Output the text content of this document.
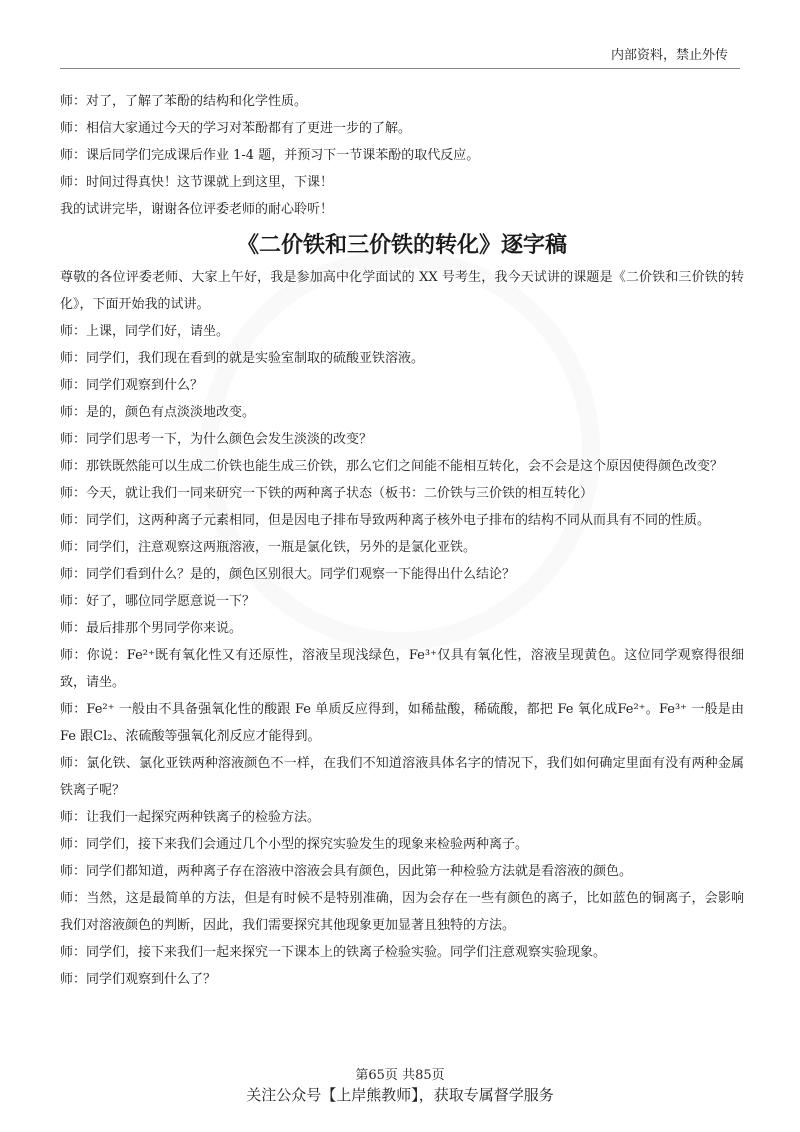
内部资料，禁止外传

师：对了，了解了苯酚的结构和化学性质。

师：相信大家通过今天的学习对苯酚都有了更进一步的了解。

师：课后同学们完成课后作业 1-4 题，并预习下一节课苯酚的取代反应。

师：时间过得真快！这节课就上到这里，下课！

我的试讲完毕，谢谢各位评委老师的耐心聆听！

《二价铁和三价铁的转化》逐字稿

尊敬的各位评委老师、大家上午好，我是参加高中化学面试的 XX 号考生，我今天试讲的课题是《二价铁和三价铁的转化》，下面开始我的试讲。

师：上课，同学们好，请坐。

师：同学们，我们现在看到的就是实验室制取的硫酸亚铁溶液。

师：同学们观察到什么？

师：是的，颜色有点淡淡地改变。

师：同学们思考一下，为什么颜色会发生淡淡的改变？

师：那铁既然能可以生成二价铁也能生成三价铁，那么它们之间能不能相互转化，会不会是这个原因使得颜色改变？

师：今天，就让我们一同来研究一下铁的两种离子状态（板书：二价铁与三价铁的相互转化）

师：同学们，这两种离子元素相同，但是因电子排布导致两种离子核外电子排布的结构不同从而具有不同的性质。

师：同学们，注意观察这两瓶溶液，一瓶是氯化铁，另外的是氯化亚铁。

师：同学们看到什么？是的，颜色区别很大。同学们观察一下能得出什么结论？

师：好了，哪位同学愿意说一下？

师：最后排那个男同学你来说。

师：你说：Fe²⁺既有氧化性又有还原性，溶液呈现浅绿色，Fe³⁺仅具有氧化性，溶液呈现黄色。这位同学观察得很细致，请坐。

师：Fe²⁺ 一般由不具备强氧化性的酸跟 Fe 单质反应得到，如稀盐酸，稀硫酸，都把 Fe 氧化成Fe²⁺。Fe³⁺ 一般是由 Fe 跟Cl₂、浓硫酸等强氧化剂反应才能得到。

师：氯化铁、氯化亚铁两种溶液颜色不一样，在我们不知道溶液具体名字的情况下，我们如何确定里面有没有两种金属铁离子呢？

师：让我们一起探究两种铁离子的检验方法。

师：同学们，接下来我们会通过几个小型的探究实验发生的现象来检验两种离子。

师：同学们都知道，两种离子存在溶液中溶液会具有颜色，因此第一种检验方法就是看溶液的颜色。

师：当然，这是最简单的方法，但是有时候不是特别准确，因为会存在一些有颜色的离子，比如蓝色的铜离子，会影响我们对溶液颜色的判断，因此，我们需要探究其他现象更加显著且独特的方法。

师：同学们，接下来我们一起来探究一下课本上的铁离子检验实验。同学们注意观察实验现象。

师：同学们观察到什么了？

第65页 共85页
关注公众号【上岸熊教师】，获取专属督学服务
